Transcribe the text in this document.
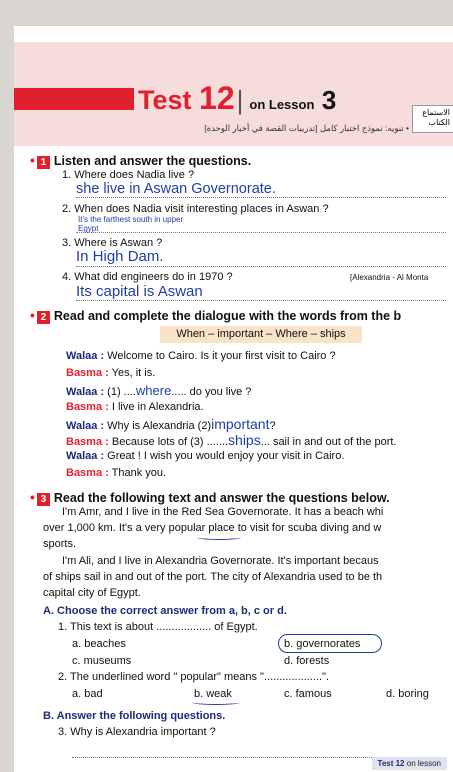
Test 12| on Lesson 3	الاستماع الكتاب
• تنويه: نموذج اختبار كامل [تدريبات القصة في أخبار الوحدة]
• 1 Listen and answer the questions.
1. Where does Nadia live ?
she live in Aswan Governorate.
2. When does Nadia visit interesting places in Aswan ?
It's the farthest south in upper Egypt
3. Where is Aswan ?
In High Dam.
4. What did engineers do in 1970 ?	[Alexandria - Al Monta
Its capital is Aswan
• 2 Read and complete the dialogue with the words from the b
When – important – Where – ships
Walaa : Welcome to Cairo. Is it your first visit to Cairo ?
Basma : Yes, it is.
Walaa : (1) ....where..... do you live ?
Basma : I live in Alexandria.
Walaa : Why is Alexandria (2)important?
Basma : Because lots of (3) .......ships... sail in and out of the port.
Walaa : Great ! I wish you would enjoy your visit in Cairo.
Basma : Thank you.
• 3 Read the following text and answer the questions below.
I'm Amr, and I live in the Red Sea Governorate. It has a beach whi
over 1,000 km. It's a very popular place to visit for scuba diving and w
sports.
I'm Ali, and I live in Alexandria Governorate. It's important becaus
of ships sail in and out of the port. The city of Alexandria used to be th
capital city of Egypt.
A. Choose the correct answer from a, b, c or d.
1. This text is about .................. of Egypt.
a. beaches	b. governorates
c. museums	d. forests
2. The underlined word " popular" means "...................".
a. bad	b. weak	c. famous	d. boring
B. Answer the following questions.
3. Why is Alexandria important ?
Test 12 on lesson
